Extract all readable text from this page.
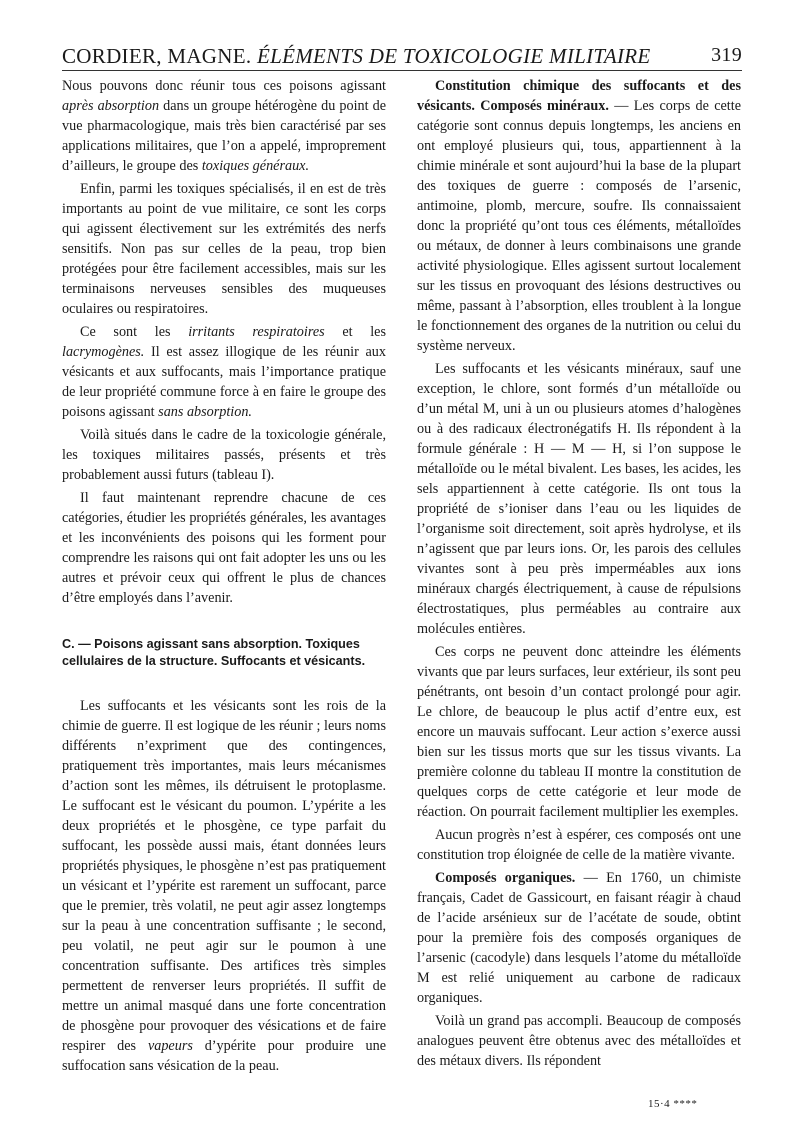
CORDIER, MAGNE. ÉLÉMENTS DE TOXICOLOGIE MILITAIRE	319

Nous pouvons donc réunir tous ces poisons agissant après absorption dans un groupe hétérogène du point de vue pharmacologique, mais très bien caractérisé par ses applications militaires, que l’on a appelé, improprement d’ailleurs, le groupe des toxiques généraux.

Enfin, parmi les toxiques spécialisés, il en est de très importants au point de vue militaire, ce sont les corps qui agissent électivement sur les extrémités des nerfs sensitifs. Non pas sur celles de la peau, trop bien protégées pour être facilement accessibles, mais sur les terminaisons nerveuses sensibles des muqueuses oculaires ou respiratoires.

Ce sont les irritants respiratoires et les lacrymogènes. Il est assez illogique de les réunir aux vésicants et aux suffocants, mais l’importance pratique de leur propriété commune force à en faire le groupe des poisons agissant sans absorption.

Voilà situés dans le cadre de la toxicologie générale, les toxiques militaires passés, présents et très probablement aussi futurs (tableau I).

Il faut maintenant reprendre chacune de ces catégories, étudier les propriétés générales, les avantages et les inconvénients des poisons qui les forment pour comprendre les raisons qui ont fait adopter les uns ou les autres et prévoir ceux qui offrent le plus de chances d’être employés dans l’avenir.

C. — Poisons agissant sans absorption. Toxiques cellulaires de la structure. Suffocants et vésicants.

Les suffocants et les vésicants sont les rois de la chimie de guerre. Il est logique de les réunir ; leurs noms différents n’expriment que des contingences, pratiquement très importantes, mais leurs mécanismes d’action sont les mêmes, ils détruisent le protoplasme. Le suffocant est le vésicant du poumon. L’ypérite a les deux propriétés et le phosgène, ce type parfait du suffocant, les possède aussi mais, étant données leurs propriétés physiques, le phosgène n’est pas pratiquement un vésicant et l’ypérite est rarement un suffocant, parce que le premier, très volatil, ne peut agir assez longtemps sur la peau à une concentration suffisante ; le second, peu volatil, ne peut agir sur le poumon à une concentration suffisante. Des artifices très simples permettent de renverser leurs propriétés. Il suffit de mettre un animal masqué dans une forte concentration de phosgène pour provoquer des vésications et de faire respirer des vapeurs d’ypérite pour produire une suffocation sans vésication de la peau.

Constitution chimique des suffocants et des vésicants. Composés minéraux. — Les corps de cette catégorie sont connus depuis longtemps, les anciens en ont employé plusieurs qui, tous, appartiennent à la chimie minérale et sont aujourd’hui la base de la plupart des toxiques de guerre : composés de l’arsenic, antimoine, plomb, mercure, soufre. Ils connaissaient donc la propriété qu’ont tous ces éléments, métalloïdes ou métaux, de donner à leurs combinaisons une grande activité physiologique. Elles agissent surtout localement sur les tissus en provoquant des lésions destructives ou même, passant à l’absorption, elles troublent à la longue le fonctionnement des organes de la nutrition ou celui du système nerveux.

Les suffocants et les vésicants minéraux, sauf une exception, le chlore, sont formés d’un métalloïde ou d’un métal M, uni à un ou plusieurs atomes d’halogènes ou à des radicaux électronégatifs H. Ils répondent à la formule générale : H — M — H, si l’on suppose le métalloïde ou le métal bivalent. Les bases, les acides, les sels appartiennent à cette catégorie. Ils ont tous la propriété de s’ioniser dans l’eau ou les liquides de l’organisme soit directement, soit après hydrolyse, et ils n’agissent que par leurs ions. Or, les parois des cellules vivantes sont à peu près imperméables aux ions minéraux chargés électriquement, à cause de répulsions électrostatiques, plus perméables au contraire aux molécules entières.

Ces corps ne peuvent donc atteindre les éléments vivants que par leurs surfaces, leur extérieur, ils sont peu pénétrants, ont besoin d’un contact prolongé pour agir. Le chlore, de beaucoup le plus actif d’entre eux, est encore un mauvais suffocant. Leur action s’exerce aussi bien sur les tissus morts que sur les tissus vivants. La première colonne du tableau II montre la constitution de quelques corps de cette catégorie et leur mode de réaction. On pourrait facilement multiplier les exemples.

Aucun progrès n’est à espérer, ces composés ont une constitution trop éloignée de celle de la matière vivante.

Composés organiques. — En 1760, un chimiste français, Cadet de Gassicourt, en faisant réagir à chaud de l’acide arsénieux sur de l’acétate de soude, obtint pour la première fois des composés organiques de l’arsenic (cacodyle) dans lesquels l’atome du métalloïde M est relié uniquement au carbone de radicaux organiques.

Voilà un grand pas accompli. Beaucoup de composés analogues peuvent être obtenus avec des métalloïdes et des métaux divers. Ils répondent

15·4 ****
